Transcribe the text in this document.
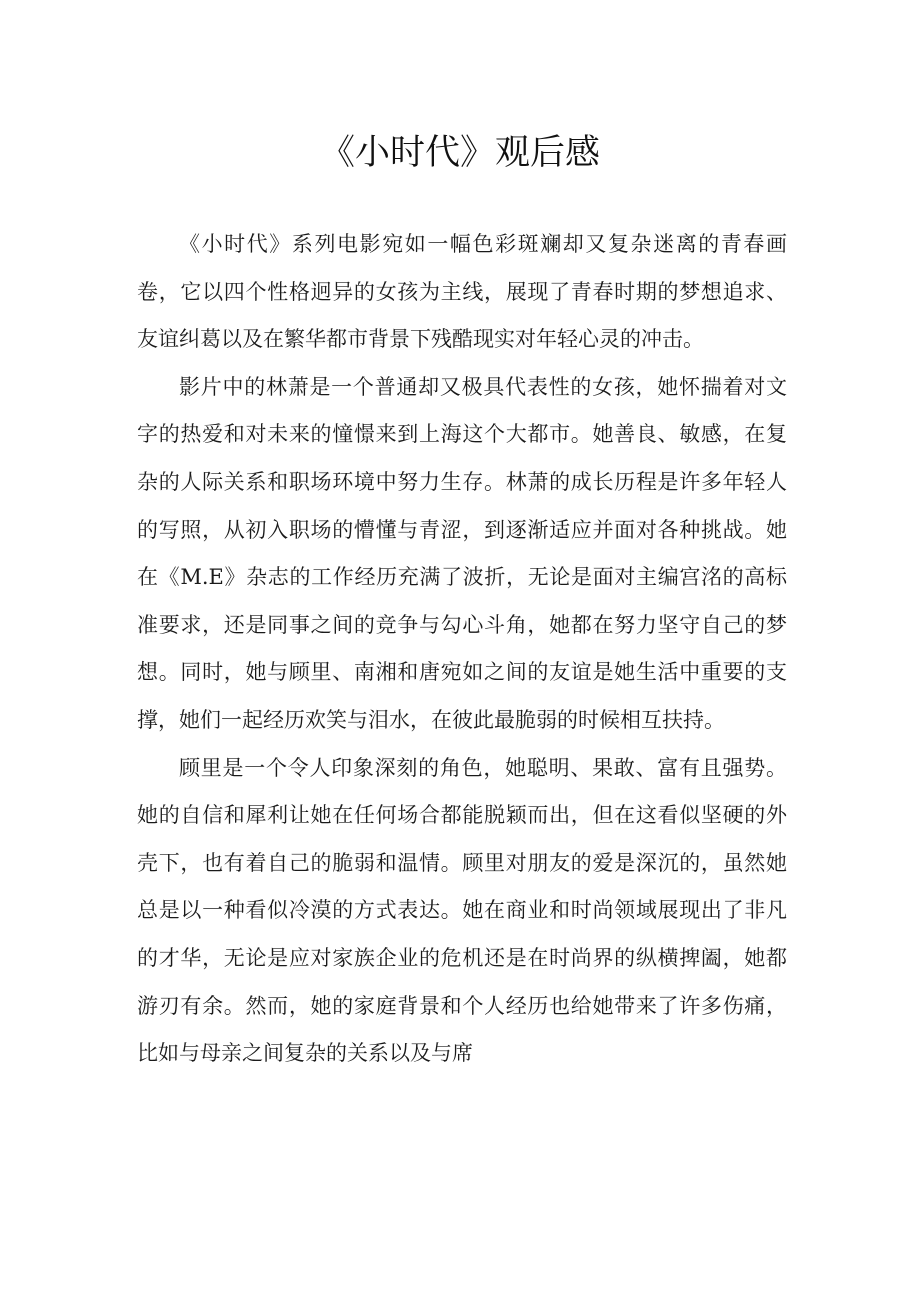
《小时代》观后感

《小时代》系列电影宛如一幅色彩斑斓却又复杂迷离的青春画卷，它以四个性格迥异的女孩为主线，展现了青春时期的梦想追求、友谊纠葛以及在繁华都市背景下残酷现实对年轻心灵的冲击。

影片中的林萧是一个普通却又极具代表性的女孩，她怀揣着对文字的热爱和对未来的憧憬来到上海这个大都市。她善良、敏感，在复杂的人际关系和职场环境中努力生存。林萧的成长历程是许多年轻人的写照，从初入职场的懵懂与青涩，到逐渐适应并面对各种挑战。她在《M.E》杂志的工作经历充满了波折，无论是面对主编宫洺的高标准要求，还是同事之间的竞争与勾心斗角，她都在努力坚守自己的梦想。同时，她与顾里、南湘和唐宛如之间的友谊是她生活中重要的支撑，她们一起经历欢笑与泪水，在彼此最脆弱的时候相互扶持。

顾里是一个令人印象深刻的角色，她聪明、果敢、富有且强势。她的自信和犀利让她在任何场合都能脱颖而出，但在这看似坚硬的外壳下，也有着自己的脆弱和温情。顾里对朋友的爱是深沉的，虽然她总是以一种看似冷漠的方式表达。她在商业和时尚领域展现出了非凡的才华，无论是应对家族企业的危机还是在时尚界的纵横捭阖，她都游刃有余。然而，她的家庭背景和个人经历也给她带来了许多伤痛，比如与母亲之间复杂的关系以及与席
